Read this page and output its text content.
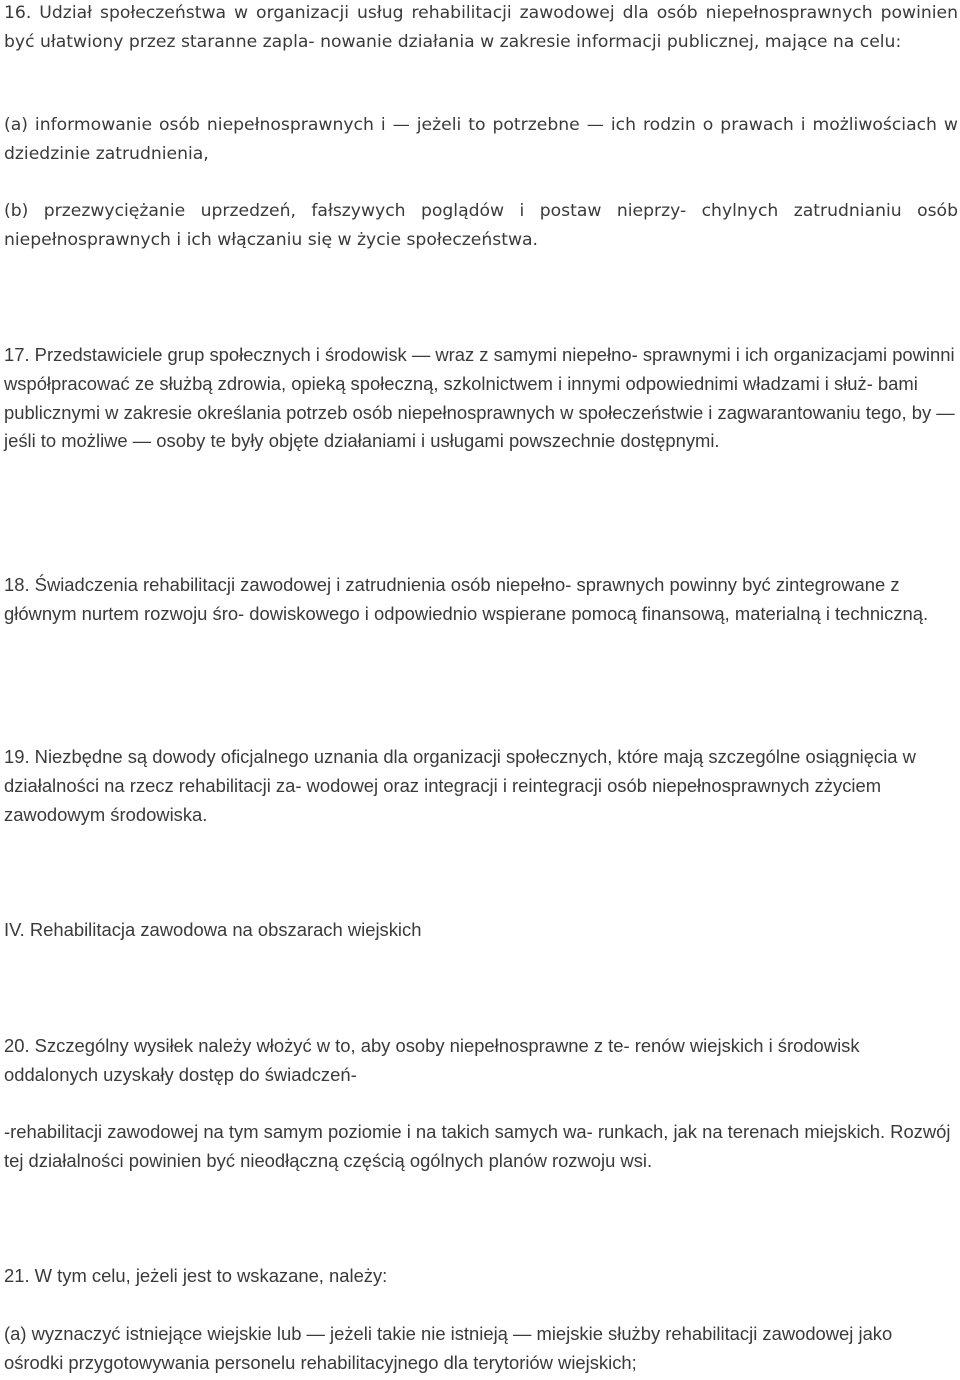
16. Udział społeczeństwa w organizacji usług rehabilitacji zawodowej dla osób niepełnosprawnych powinien być ułatwiony przez staranne zapla- nowanie działania w zakresie informacji publicznej, mające na celu:

(a) informowanie osób niepełnosprawnych i — jeżeli to potrzebne — ich rodzin o prawach i możliwościach w dziedzinie zatrudnienia,

(b) przezwyciężanie uprzedzeń, fałszywych poglądów i postaw nieprzy- chylnych zatrudnianiu osób niepełnosprawnych i ich włączaniu się w życie społeczeństwa.

17. Przedstawiciele grup społecznych i środowisk — wraz z samymi niepełno- sprawnymi i ich organizacjami powinni współpracować ze służbą zdrowia, opieką społeczną, szkolnictwem i innymi odpowiednimi władzami i służ- bami publicznymi w zakresie określania potrzeb osób niepełnosprawnych w społeczeństwie i zagwarantowaniu tego, by — jeśli to możliwe — osoby te były objęte działaniami i usługami powszechnie dostępnymi.

18. Świadczenia rehabilitacji zawodowej i zatrudnienia osób niepełno- sprawnych powinny być zintegrowane z głównym nurtem rozwoju śro- dowiskowego i odpowiednio wspierane pomocą finansową, materialną i techniczną.

19. Niezbędne są dowody oficjalnego uznania dla organizacji społecznych, które mają szczególne osiągnięcia w działalności na rzecz rehabilitacji za- wodowej oraz integracji i reintegracji osób niepełnosprawnych zżyciem zawodowym środowiska.

IV. Rehabilitacja zawodowa na obszarach wiejskich

20. Szczególny wysiłek należy włożyć w to, aby osoby niepełnosprawne z te- renów wiejskich i środowisk oddalonych uzyskały dostęp do świadczeń-

-rehabilitacji zawodowej na tym samym poziomie i na takich samych wa- runkach, jak na terenach miejskich. Rozwój tej działalności powinien być nieodłączną częścią ogólnych planów rozwoju wsi.

21. W tym celu, jeżeli jest to wskazane, należy:

(a) wyznaczyć istniejące wiejskie lub — jeżeli takie nie istnieją — miejskie służby rehabilitacji zawodowej jako ośrodki przygotowywania personelu rehabilitacyjnego dla terytoriów wiejskich;
